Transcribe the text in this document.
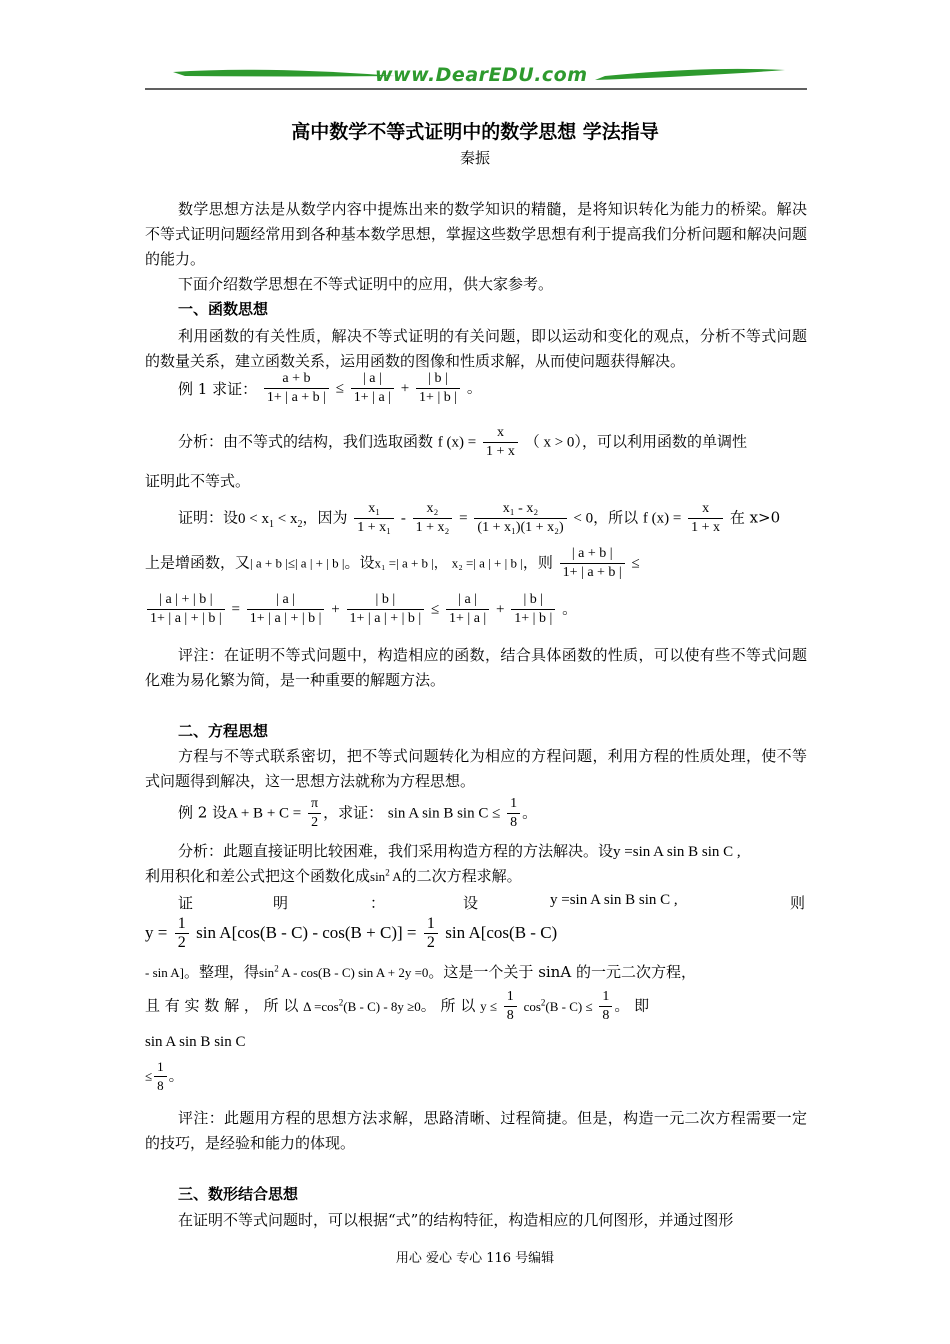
www.DearEDU.com
高中数学不等式证明中的数学思想 学法指导
秦振
数学思想方法是从数学内容中提炼出来的数学知识的精髓，是将知识转化为能力的桥梁。解决不等式证明问题经常用到各种基本数学思想，掌握这些数学思想有利于提高我们分析问题和解决问题的能力。
下面介绍数学思想在不等式证明中的应用，供大家参考。
一、函数思想
利用函数的有关性质，解决不等式证明的有关问题，即以运动和变化的观点，分析不等式问题的数量关系，建立函数关系，运用函数的图像和性质求解，从而使问题获得解决。
例 1 求证： $\frac{a + b}{1+ | a + b |} \le \frac{| a |}{1+ | a |} + \frac{| b |}{1+ | b |}$ 。
分析：由不等式的结构，我们选取函数 f $(x) = \frac{x}{1 + x}$ （ x > 0），可以利用函数的单调性
证明此不等式。
证明：设$0 < x_1 < x_2$，因为 $\frac{\text{x₁}}{\text{1 + x₁}} - \frac{\text{x₂}}{\text{1 + x₂}} = \frac{\text{x₁ - x₂}}{\text{(1 + x₁)(1 + x₂)}} < 0$，所以 f $(x) = \frac{x}{1 + x}$ 在 x>0
上是增函数，又| a + b |≤| a | + | b |。设x₁ =| a + b |， x₂ =| a | + | b |，则 $\frac{| a + b |}{1+ | a + b |}$ ≤
$\frac{| a | + | b |}{1+ | a | + | b |} = \frac{| a |}{1+ | a | + | b |} + \frac{| b |}{1+ | a | + | b |} \le \frac{| a |}{1+ | a |} + \frac{| b |}{1+ | b |}$ 。
评注：在证明不等式问题中，构造相应的函数，结合具体函数的性质，可以使有些不等式问题化难为易化繁为简，是一种重要的解题方法。
二、方程思想
方程与不等式联系密切，把不等式问题转化为相应的方程问题，利用方程的性质处理，使不等式问题得到解决，这一思想方法就称为方程思想。
例 2 设$A + B + C = \frac{\pi}{2}$ ，求证： sin A sin B $\sin C \le \frac{1}{8}$ 。
分析：此题直接证明比较困难，我们采用构造方程的方法解决。设y =sin A sin B sin C ,
利用积化和差公式把这个函数化成$\sin^2 A$的二次方程求解。
证	明	：	设	y =sin A sin B sin C ,	则
$y = \frac{1}{2}$ $\sin A[\cos(B - C) - \cos(B + C)] = \frac{1}{2}$ sin A[cos(B - C)
- sin A]。整理，得$\sin^2 A - \cos(B - C)$ sin A + 2y =0。这是一个关于 sinA 的一元二次方程，
且 有 实 数 解 ， 所 以 $\Delta =\cos^2(B - C) - 8y \ge 0$。 所 以 $y \le \frac{1}{8} \cos^2(B - C) \le \frac{1}{8}$ 。 即
sin A sin B sin C
≤ $\frac{1}{8}$ 。
评注：此题用方程的思想方法求解，思路清晰、过程简捷。但是，构造一元二次方程需要一定的技巧，是经验和能力的体现。
三、数形结合思想
在证明不等式问题时，可以根据“式”的结构特征，构造相应的几何图形，并通过图形
用心 爱心 专心 116 号编辑
